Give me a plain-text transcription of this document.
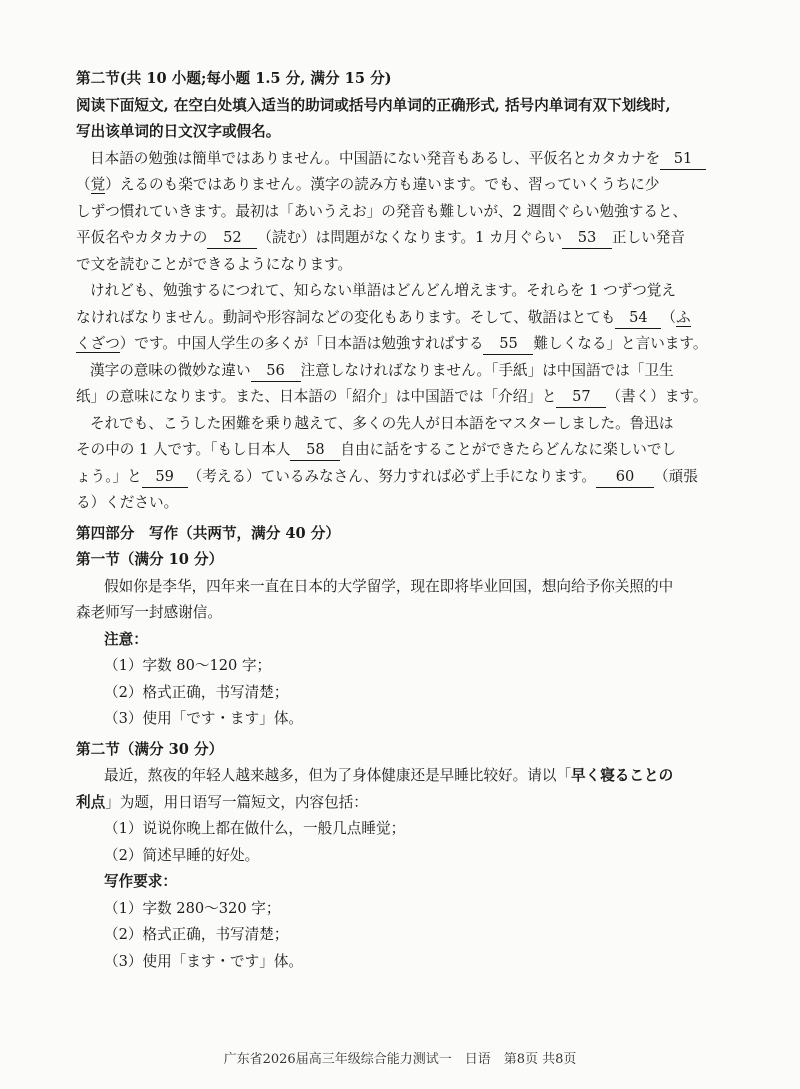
第二节(共 10 小题;每小题 1.5 分, 满分 15 分)
阅读下面短文, 在空白处填入适当的助词或括号内单词的正确形式, 括号内单词有双下划线时,
写出该单词的日文汉字或假名。
日本語の勉強は簡単ではありません。中国語にない発音もあるし、平仮名とカタカナを 51
（覚）えるのも楽ではありません。漢字の読み方も違います。でも、習っていくうちに少
しずつ慣れていきます。最初は「あいうえお」の発音も難しいが、2 週間ぐらい勉強すると、
平仮名やカタカナの 52 （読む）は問題がなくなります。1 カ月ぐらい 53 正しい発音
で文を読むことができるようになります。
けれども、勉強するにつれて、知らない単語はどんどん増えます。それらを 1 つずつ覚え
なければなりません。動詞や形容詞などの変化もあります。そして、敬語はとても 54 （ふ
くざつ）です。中国人学生の多くが「日本語は勉強すればする 55 難しくなる」と言います。
漢字の意味の微妙な違い 56 注意しなければなりません。「手紙」は中国語では「卫生
纸」の意味になります。また、日本語の「紹介」は中国語では「介绍」と 57 （書く）ます。
それでも、こうした困難を乗り越えて、多くの先人が日本語をマスターしました。鲁迅は
その中の 1 人です。「もし日本人 58 自由に話をすることができたらどんなに楽しいでし
ょう。」と 59 （考える）ているみなさん、努力すれば必ず上手になります。 60 （頑張
る）ください。
第四部分　写作（共两节，满分 40 分）
第一节（满分 10 分）
假如你是李华，四年来一直在日本的大学留学，现在即将毕业回国，想向给予你关照的中
森老师写一封感谢信。
注意：
（1）字数 80～120 字；
（2）格式正确，书写清楚；
（3）使用「です・ます」体。
第二节（满分 30 分）
最近，熬夜的年轻人越来越多，但为了身体健康还是早睡比较好。请以「早く寝ることの
利点」为题，用日语写一篇短文，内容包括：
（1）说说你晚上都在做什么，一般几点睡觉；
（2）简述早睡的好处。
写作要求：
（1）字数 280～320 字；
（2）格式正确，书写清楚；
（3）使用「ます・です」体。
广东省2026届高三年级综合能力测试一　日语　第8页 共8页
